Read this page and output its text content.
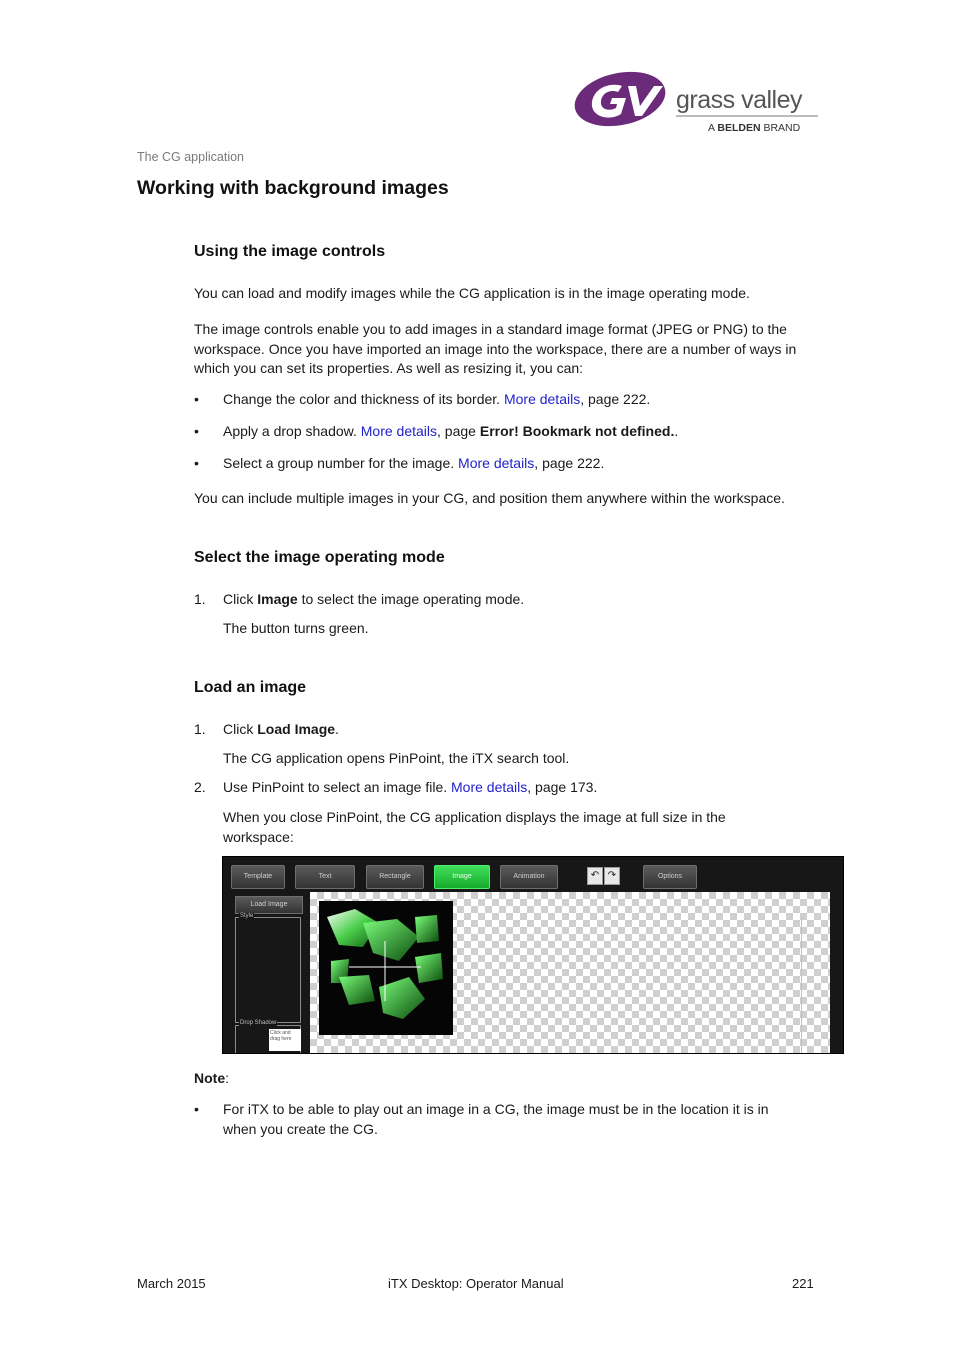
grass valley
A BELDEN BRAND
The CG application
Working with background images
Using the image controls
You can load and modify images while the CG application is in the image operating mode.
The image controls enable you to add images in a standard image format (JPEG or PNG) to the workspace. Once you have imported an image into the workspace, there are a number of ways in which you can set its properties. As well as resizing it, you can:
•	Change the color and thickness of its border. More details, page 222.
•	Apply a drop shadow. More details, page Error! Bookmark not defined..
•	Select a group number for the image. More details, page 222.
You can include multiple images in your CG, and position them anywhere within the workspace.
Select the image operating mode
1. Click Image to select the image operating mode.
The button turns green.
Load an image
1. Click Load Image.
The CG application opens PinPoint, the iTX search tool.
2. Use PinPoint to select an image file. More details, page 173.
When you close PinPoint, the CG application displays the image at full size in the workspace:
Template	Text	Rectangle	Image	Animation	↶ ↷	Options
Load Image
Style
Drop Shadow
Click and drag here
Note:
•	For iTX to be able to play out an image in a CG, the image must be in the location it is in when you create the CG.
March 2015	iTX Desktop: Operator Manual	221
